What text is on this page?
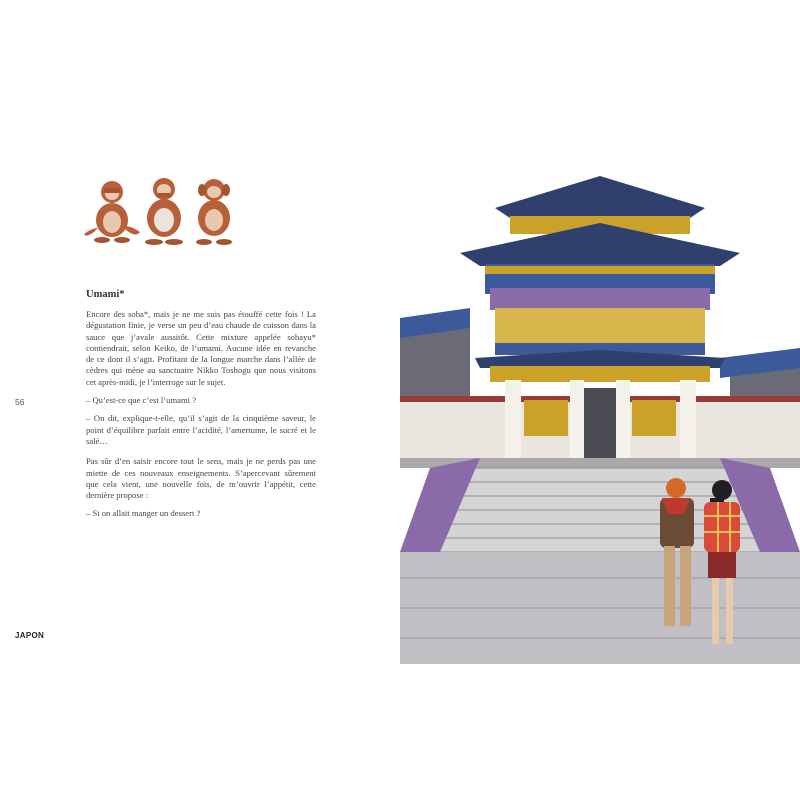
Umami*

Encore des soba*, mais je ne me suis pas étouffé cette fois ! La dégustation finie, je verse un peu d’eau chaude de cuisson dans la sauce que j’avale aussitôt. Cette mixture appelée sobayu* contiendrait, selon Keiko, de l’umami. Aucune idée en revanche de ce dont il s’agit. Profitant de la longue marche dans l’allée de cèdres qui mène au sanctuaire Nikko Toshogu que nous visitons cet après-midi, je l’interroge sur le sujet.

– Qu’est-ce que c’est l’umami ?

– On dit, explique-t-elle, qu’il s’agit de la cinquième saveur, le point d’équilibre parfait entre l’acidité, l’amertume, le sucré et le salé…

Pas sûr d’en saisir encore tout le sens, mais je ne perds pas une miette de ces nouveaux enseignements. S’apercevant sûrement que cela vient, une nouvelle fois, de m’ouvrir l’appétit, cette dernière propose :

– Si on allait manger un dessert ?

56
JAPON
